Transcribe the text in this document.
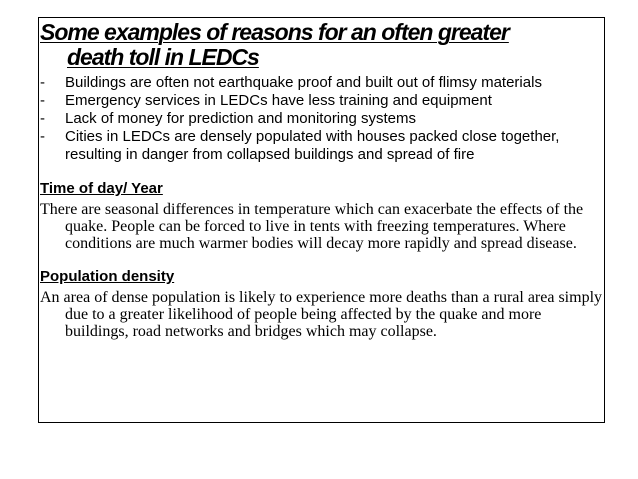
Some examples of reasons for an often greater
death toll in LEDCs
- Buildings are often not earthquake proof and built out of flimsy materials
- Emergency services in LEDCs have less training and equipment
- Lack of money for prediction and monitoring systems
- Cities in LEDCs are densely populated with houses packed close together, resulting in danger from collapsed buildings and spread of fire
Time of day/ Year

There are seasonal differences in temperature which can exacerbate the effects of the quake. People can be forced to live in tents with freezing temperatures. Where conditions are much warmer bodies will decay more rapidly and spread disease.

Population density

An area of dense population is likely to experience more deaths than a rural area simply due to a greater likelihood of people being affected by the quake and more buildings, road networks and bridges which may collapse.
